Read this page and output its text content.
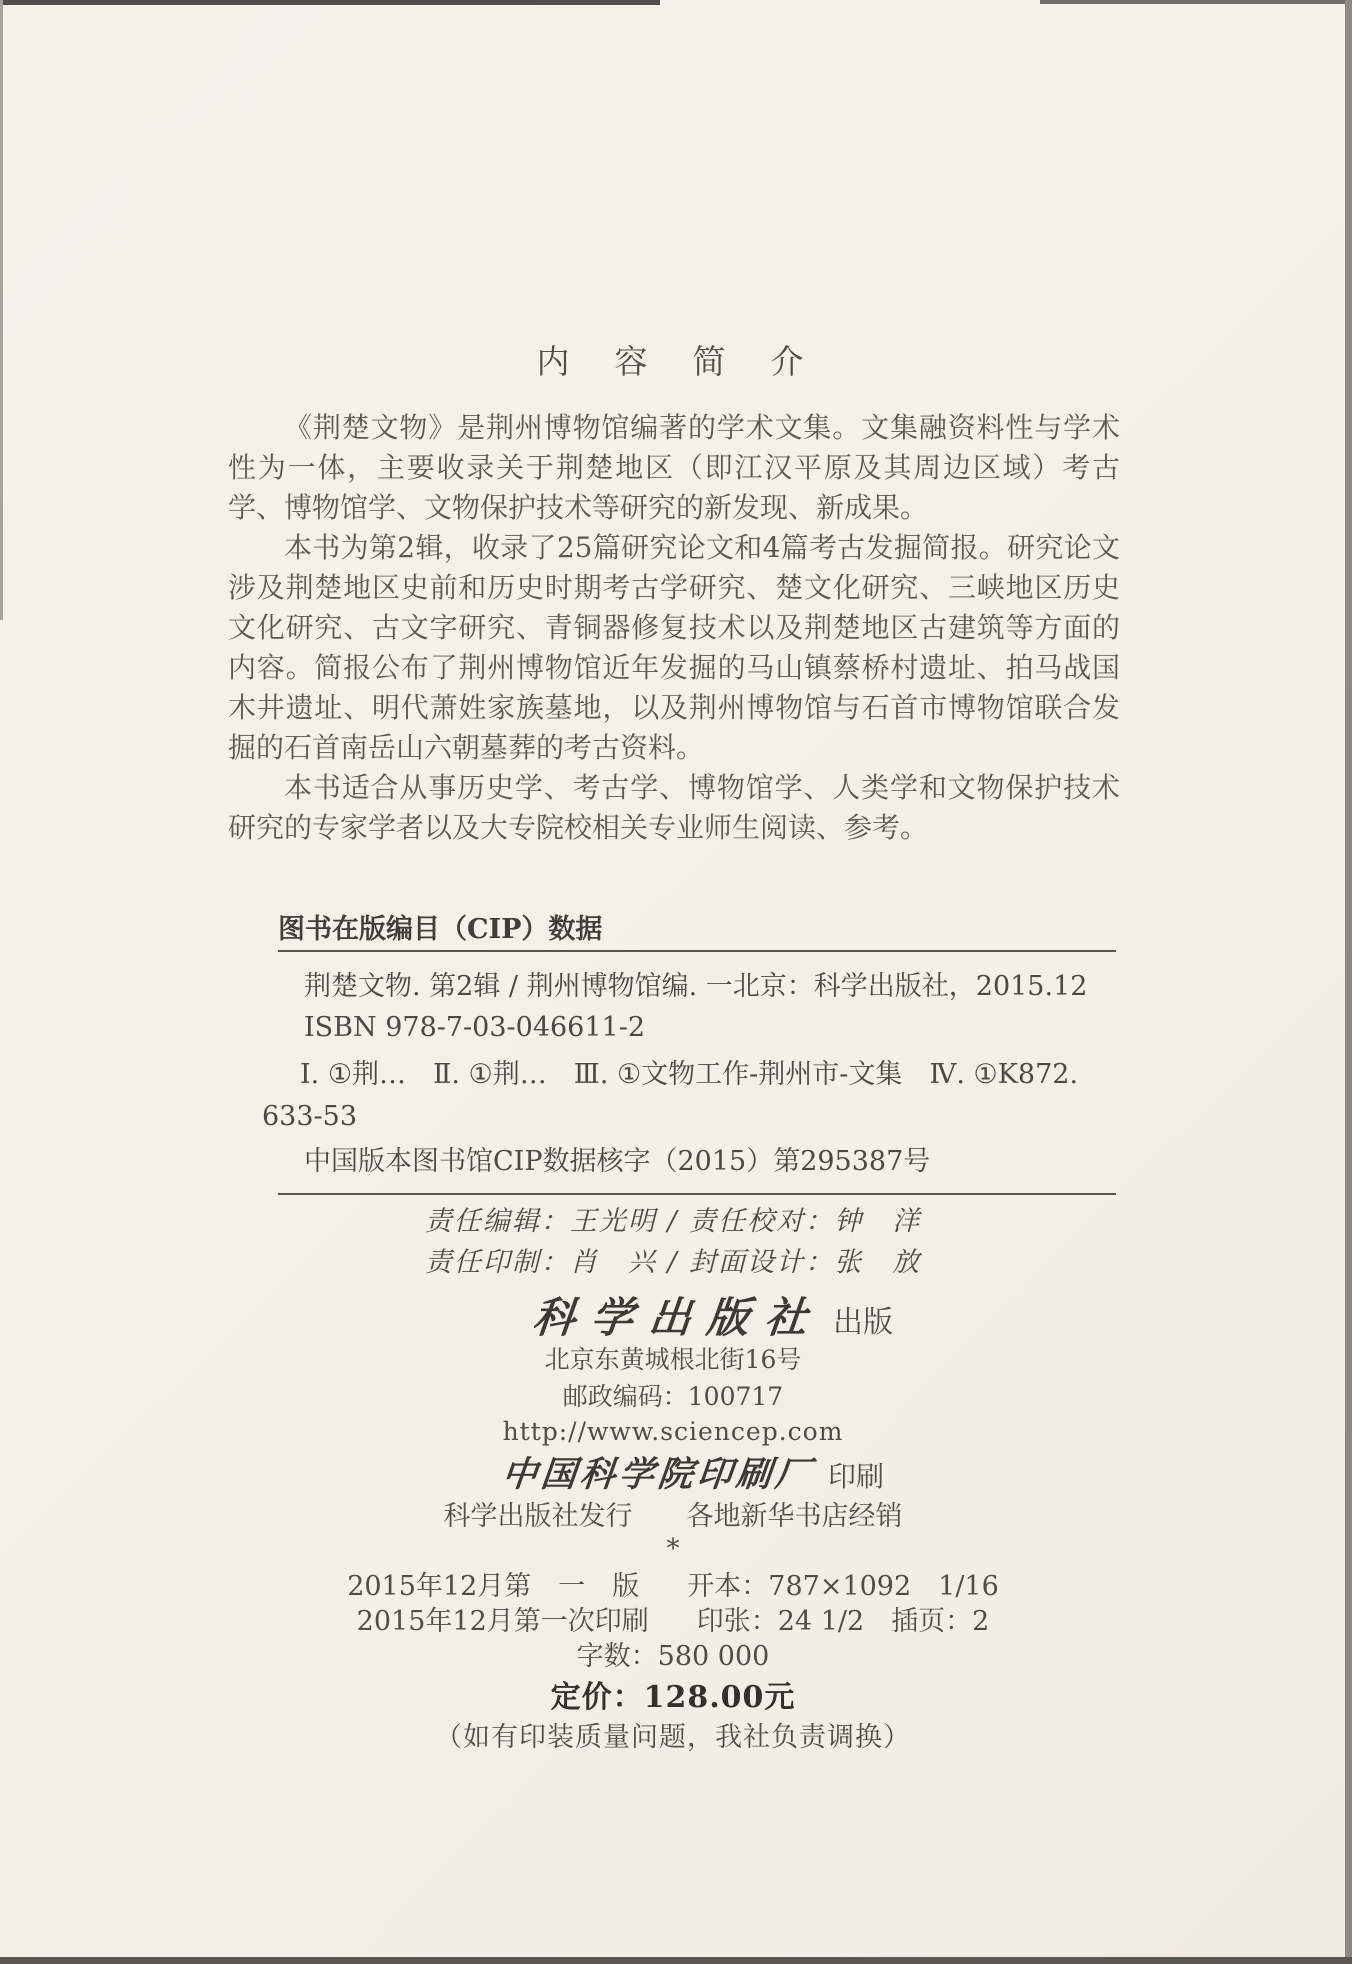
内　容　简　介

《荆楚文物》是荆州博物馆编著的学术文集。文集融资料性与学术性为一体，主要收录关于荆楚地区（即江汉平原及其周边区域）考古学、博物馆学、文物保护技术等研究的新发现、新成果。

本书为第2辑，收录了25篇研究论文和4篇考古发掘简报。研究论文涉及荆楚地区史前和历史时期考古学研究、楚文化研究、三峡地区历史文化研究、古文字研究、青铜器修复技术以及荆楚地区古建筑等方面的内容。简报公布了荆州博物馆近年发掘的马山镇蔡桥村遗址、拍马战国木井遗址、明代萧姓家族墓地，以及荆州博物馆与石首市博物馆联合发掘的石首南岳山六朝墓葬的考古资料。

本书适合从事历史学、考古学、博物馆学、人类学和文物保护技术研究的专家学者以及大专院校相关专业师生阅读、参考。

图书在版编目（CIP）数据
荆楚文物. 第2辑 / 荆州博物馆编. 一北京：科学出版社，2015.12
ISBN 978-7-03-046611-2
Ⅰ. ①荆…　Ⅱ. ①荆…　Ⅲ. ①文物工作-荆州市-文集　Ⅳ. ①K872.
633-53
中国版本图书馆CIP数据核字（2015）第295387号
责任编辑：王光明 / 责任校对：钟　洋
责任印制：肖　兴 / 封面设计：张　放
科学出版社 出版
北京东黄城根北街16号
邮政编码：100717
http://www.sciencep.com
中国科学院印刷厂 印刷
科学出版社发行　　各地新华书店经销
*
2015年12月第　一　版 开本：787×1092　1/16
2015年12月第一次印刷 印张：24 1/2　插页：2
字数：580 000
定价：128.00元
（如有印装质量问题，我社负责调换）
